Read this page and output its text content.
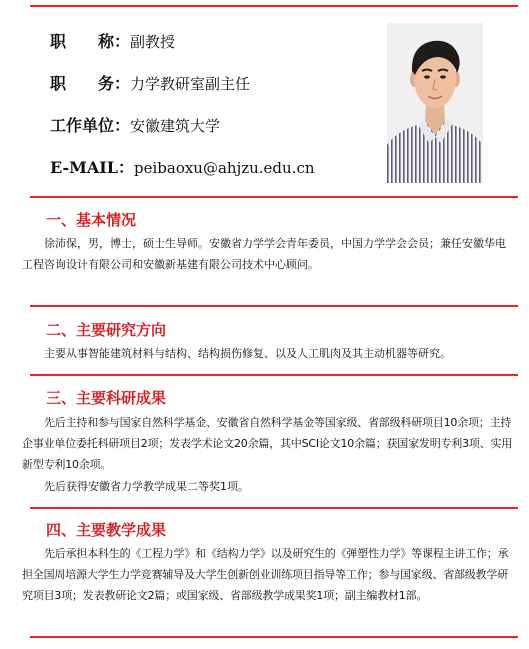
职　　称：副教授
职　　务：力学教研室副主任
工作单位：安徽建筑大学
E-MAIL：peibaoxu@ahjzu.edu.cn
一、基本情况
徐沛保，男，博士，硕士生导师。安徽省力学学会青年委员，中国力学学会会员；兼任安徽华电工程咨询设计有限公司和安徽新基建有限公司技术中心顾问。
二、主要研究方向
主要从事智能建筑材料与结构、结构损伤修复、以及人工肌肉及其主动机器等研究。
三、主要科研成果
先后主持和参与国家自然科学基金、安徽省自然科学基金等国家级、省部级科研项目10余项；主持企事业单位委托科研项目2项；发表学术论文20余篇，其中SCI论文10余篇；获国家发明专利3项、实用新型专利10余项。
先后获得安徽省力学教学成果二等奖1项。
四、主要教学成果
先后承担本科生的《工程力学》和《结构力学》以及研究生的《弹塑性力学》等课程主讲工作；承担全国周培源大学生力学竞赛辅导及大学生创新创业训练项目指导等工作；参与国家级、省部级教学研究项目3项；发表教研论文2篇；或国家级、省部级教学成果奖1项；副主编教材1部。
